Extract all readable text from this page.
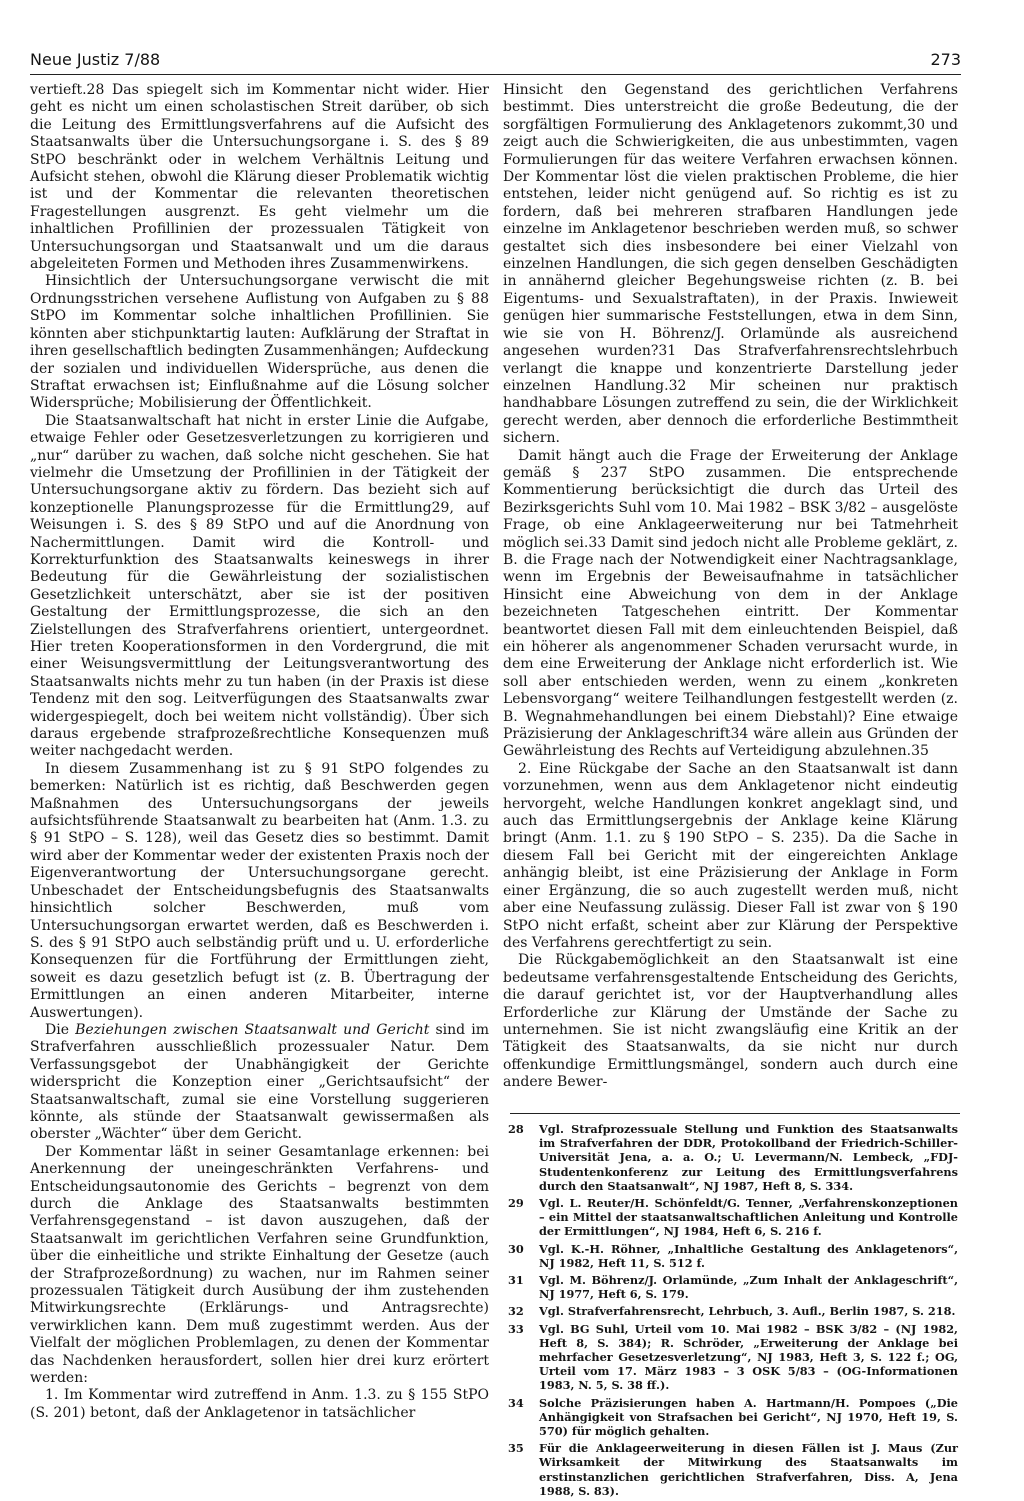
Neue Justiz 7/88	273

vertieft.28 Das spiegelt sich im Kommentar nicht wider. Hier geht es nicht um einen scholastischen Streit darüber, ob sich die Leitung des Ermittlungsverfahrens auf die Aufsicht des Staatsanwalts über die Untersuchungsorgane i. S. des § 89 StPO beschränkt oder in welchem Verhältnis Leitung und Aufsicht stehen, obwohl die Klärung dieser Problematik wichtig ist und der Kommentar die relevanten theoretischen Fragestellungen ausgrenzt. Es geht vielmehr um die inhaltlichen Profillinien der prozessualen Tätigkeit von Untersuchungsorgan und Staatsanwalt und um die daraus abgeleiteten Formen und Methoden ihres Zusammenwirkens.

Hinsichtlich der Untersuchungsorgane verwischt die mit Ordnungsstrichen versehene Auflistung von Aufgaben zu § 88 StPO im Kommentar solche inhaltlichen Profillinien. Sie könnten aber stichpunktartig lauten: Aufklärung der Straftat in ihren gesellschaftlich bedingten Zusammenhängen; Aufdeckung der sozialen und individuellen Widersprüche, aus denen die Straftat erwachsen ist; Einflußnahme auf die Lösung solcher Widersprüche; Mobilisierung der Öffentlichkeit.

Die Staatsanwaltschaft hat nicht in erster Linie die Aufgabe, etwaige Fehler oder Gesetzesverletzungen zu korrigieren und „nur“ darüber zu wachen, daß solche nicht geschehen. Sie hat vielmehr die Umsetzung der Profillinien in der Tätigkeit der Untersuchungsorgane aktiv zu fördern. Das bezieht sich auf konzeptionelle Planungsprozesse für die Ermittlung29, auf Weisungen i. S. des § 89 StPO und auf die Anordnung von Nachermittlungen. Damit wird die Kontroll- und Korrekturfunktion des Staatsanwalts keineswegs in ihrer Bedeutung für die Gewährleistung der sozialistischen Gesetzlichkeit unterschätzt, aber sie ist der positiven Gestaltung der Ermittlungsprozesse, die sich an den Zielstellungen des Strafverfahrens orientiert, untergeordnet. Hier treten Kooperationsformen in den Vordergrund, die mit einer Weisungsvermittlung der Leitungsverantwortung des Staatsanwalts nichts mehr zu tun haben (in der Praxis ist diese Tendenz mit den sog. Leitverfügungen des Staatsanwalts zwar widergespiegelt, doch bei weitem nicht vollständig). Über sich daraus ergebende strafprozeßrechtliche Konsequenzen muß weiter nachgedacht werden.

In diesem Zusammenhang ist zu § 91 StPO folgendes zu bemerken: Natürlich ist es richtig, daß Beschwerden gegen Maßnahmen des Untersuchungsorgans der jeweils aufsichtsführende Staatsanwalt zu bearbeiten hat (Anm. 1.3. zu § 91 StPO – S. 128), weil das Gesetz dies so bestimmt. Damit wird aber der Kommentar weder der existenten Praxis noch der Eigenverantwortung der Untersuchungsorgane gerecht. Unbeschadet der Entscheidungsbefugnis des Staatsanwalts hinsichtlich solcher Beschwerden, muß vom Untersuchungsorgan erwartet werden, daß es Beschwerden i. S. des § 91 StPO auch selbständig prüft und u. U. erforderliche Konsequenzen für die Fortführung der Ermittlungen zieht, soweit es dazu gesetzlich befugt ist (z. B. Übertragung der Ermittlungen an einen anderen Mitarbeiter, interne Auswertungen).

Die Beziehungen zwischen Staatsanwalt und Gericht sind im Strafverfahren ausschließlich prozessualer Natur. Dem Verfassungsgebot der Unabhängigkeit der Gerichte widerspricht die Konzeption einer „Gerichtsaufsicht“ der Staatsanwaltschaft, zumal sie eine Vorstellung suggerieren könnte, als stünde der Staatsanwalt gewissermaßen als oberster „Wächter“ über dem Gericht.

Der Kommentar läßt in seiner Gesamtanlage erkennen: bei Anerkennung der uneingeschränkten Verfahrens- und Entscheidungsautonomie des Gerichts – begrenzt von dem durch die Anklage des Staatsanwalts bestimmten Verfahrensgegenstand – ist davon auszugehen, daß der Staatsanwalt im gerichtlichen Verfahren seine Grundfunktion, über die einheitliche und strikte Einhaltung der Gesetze (auch der Strafprozeßordnung) zu wachen, nur im Rahmen seiner prozessualen Tätigkeit durch Ausübung der ihm zustehenden Mitwirkungsrechte (Erklärungs- und Antragsrechte) verwirklichen kann. Dem muß zugestimmt werden. Aus der Vielfalt der möglichen Problemlagen, zu denen der Kommentar das Nachdenken herausfordert, sollen hier drei kurz erörtert werden:

1. Im Kommentar wird zutreffend in Anm. 1.3. zu § 155 StPO (S. 201) betont, daß der Anklagetenor in tatsächlicher

Hinsicht den Gegenstand des gerichtlichen Verfahrens bestimmt. Dies unterstreicht die große Bedeutung, die der sorgfältigen Formulierung des Anklagetenors zukommt,30 und zeigt auch die Schwierigkeiten, die aus unbestimmten, vagen Formulierungen für das weitere Verfahren erwachsen können. Der Kommentar löst die vielen praktischen Probleme, die hier entstehen, leider nicht genügend auf. So richtig es ist zu fordern, daß bei mehreren strafbaren Handlungen jede einzelne im Anklagetenor beschrieben werden muß, so schwer gestaltet sich dies insbesondere bei einer Vielzahl von einzelnen Handlungen, die sich gegen denselben Geschädigten in annähernd gleicher Begehungsweise richten (z. B. bei Eigentums- und Sexualstraftaten), in der Praxis. Inwieweit genügen hier summarische Feststellungen, etwa in dem Sinn, wie sie von H. Böhrenz/J. Orlamünde als ausreichend angesehen wurden?31 Das Strafverfahrensrechtslehrbuch verlangt die knappe und konzentrierte Darstellung jeder einzelnen Handlung.32 Mir scheinen nur praktisch handhabbare Lösungen zutreffend zu sein, die der Wirklichkeit gerecht werden, aber dennoch die erforderliche Bestimmtheit sichern.

Damit hängt auch die Frage der Erweiterung der Anklage gemäß § 237 StPO zusammen. Die entsprechende Kommentierung berücksichtigt die durch das Urteil des Bezirksgerichts Suhl vom 10. Mai 1982 – BSK 3/82 – ausgelöste Frage, ob eine Anklageerweiterung nur bei Tatmehrheit möglich sei.33 Damit sind jedoch nicht alle Probleme geklärt, z. B. die Frage nach der Notwendigkeit einer Nachtragsanklage, wenn im Ergebnis der Beweisaufnahme in tatsächlicher Hinsicht eine Abweichung von dem in der Anklage bezeichneten Tatgeschehen eintritt. Der Kommentar beantwortet diesen Fall mit dem einleuchtenden Beispiel, daß ein höherer als angenommener Schaden verursacht wurde, in dem eine Erweiterung der Anklage nicht erforderlich ist. Wie soll aber entschieden werden, wenn zu einem „konkreten Lebensvorgang“ weitere Teilhandlungen festgestellt werden (z. B. Wegnahmehandlungen bei einem Diebstahl)? Eine etwaige Präzisierung der Anklageschrift34 wäre allein aus Gründen der Gewährleistung des Rechts auf Verteidigung abzulehnen.35

2. Eine Rückgabe der Sache an den Staatsanwalt ist dann vorzunehmen, wenn aus dem Anklagetenor nicht eindeutig hervorgeht, welche Handlungen konkret angeklagt sind, und auch das Ermittlungsergebnis der Anklage keine Klärung bringt (Anm. 1.1. zu § 190 StPO – S. 235). Da die Sache in diesem Fall bei Gericht mit der eingereichten Anklage anhängig bleibt, ist eine Präzisierung der Anklage in Form einer Ergänzung, die so auch zugestellt werden muß, nicht aber eine Neufassung zulässig. Dieser Fall ist zwar von § 190 StPO nicht erfaßt, scheint aber zur Klärung der Perspektive des Verfahrens gerechtfertigt zu sein.

Die Rückgabemöglichkeit an den Staatsanwalt ist eine bedeutsame verfahrensgestaltende Entscheidung des Gerichts, die darauf gerichtet ist, vor der Hauptverhandlung alles Erforderliche zur Klärung der Umstände der Sache zu unternehmen. Sie ist nicht zwangsläufig eine Kritik an der Tätigkeit des Staatsanwalts, da sie nicht nur durch offenkundige Ermittlungsmängel, sondern auch durch eine andere Bewer-

28 Vgl. Strafprozessuale Stellung und Funktion des Staatsanwalts im Strafverfahren der DDR, Protokollband der Friedrich-Schiller-Universität Jena, a. a. O.; U. Levermann/N. Lembeck, „FDJ-Studentenkonferenz zur Leitung des Ermittlungsverfahrens durch den Staatsanwalt“, NJ 1987, Heft 8, S. 334.
29 Vgl. L. Reuter/H. Schönfeldt/G. Tenner, „Verfahrenskonzeptionen – ein Mittel der staatsanwaltschaftlichen Anleitung und Kontrolle der Ermittlungen“, NJ 1984, Heft 6, S. 216 f.
30 Vgl. K.-H. Röhner, „Inhaltliche Gestaltung des Anklagetenors“, NJ 1982, Heft 11, S. 512 f.
31 Vgl. M. Böhrenz/J. Orlamünde, „Zum Inhalt der Anklageschrift“, NJ 1977, Heft 6, S. 179.
32 Vgl. Strafverfahrensrecht, Lehrbuch, 3. Aufl., Berlin 1987, S. 218.
33 Vgl. BG Suhl, Urteil vom 10. Mai 1982 – BSK 3/82 – (NJ 1982, Heft 8, S. 384); R. Schröder, „Erweiterung der Anklage bei mehrfacher Gesetzesverletzung“, NJ 1983, Heft 3, S. 122 f.; OG, Urteil vom 17. März 1983 – 3 OSK 5/83 – (OG-Informationen 1983, N. 5, S. 38 ff.).
34 Solche Präzisierungen haben A. Hartmann/H. Pompoes („Die Anhängigkeit von Strafsachen bei Gericht“, NJ 1970, Heft 19, S. 570) für möglich gehalten.
35 Für die Anklageerweiterung in diesen Fällen ist J. Maus (Zur Wirksamkeit der Mitwirkung des Staatsanwalts im erstinstanzlichen gerichtlichen Strafverfahren, Diss. A, Jena 1988, S. 83).
